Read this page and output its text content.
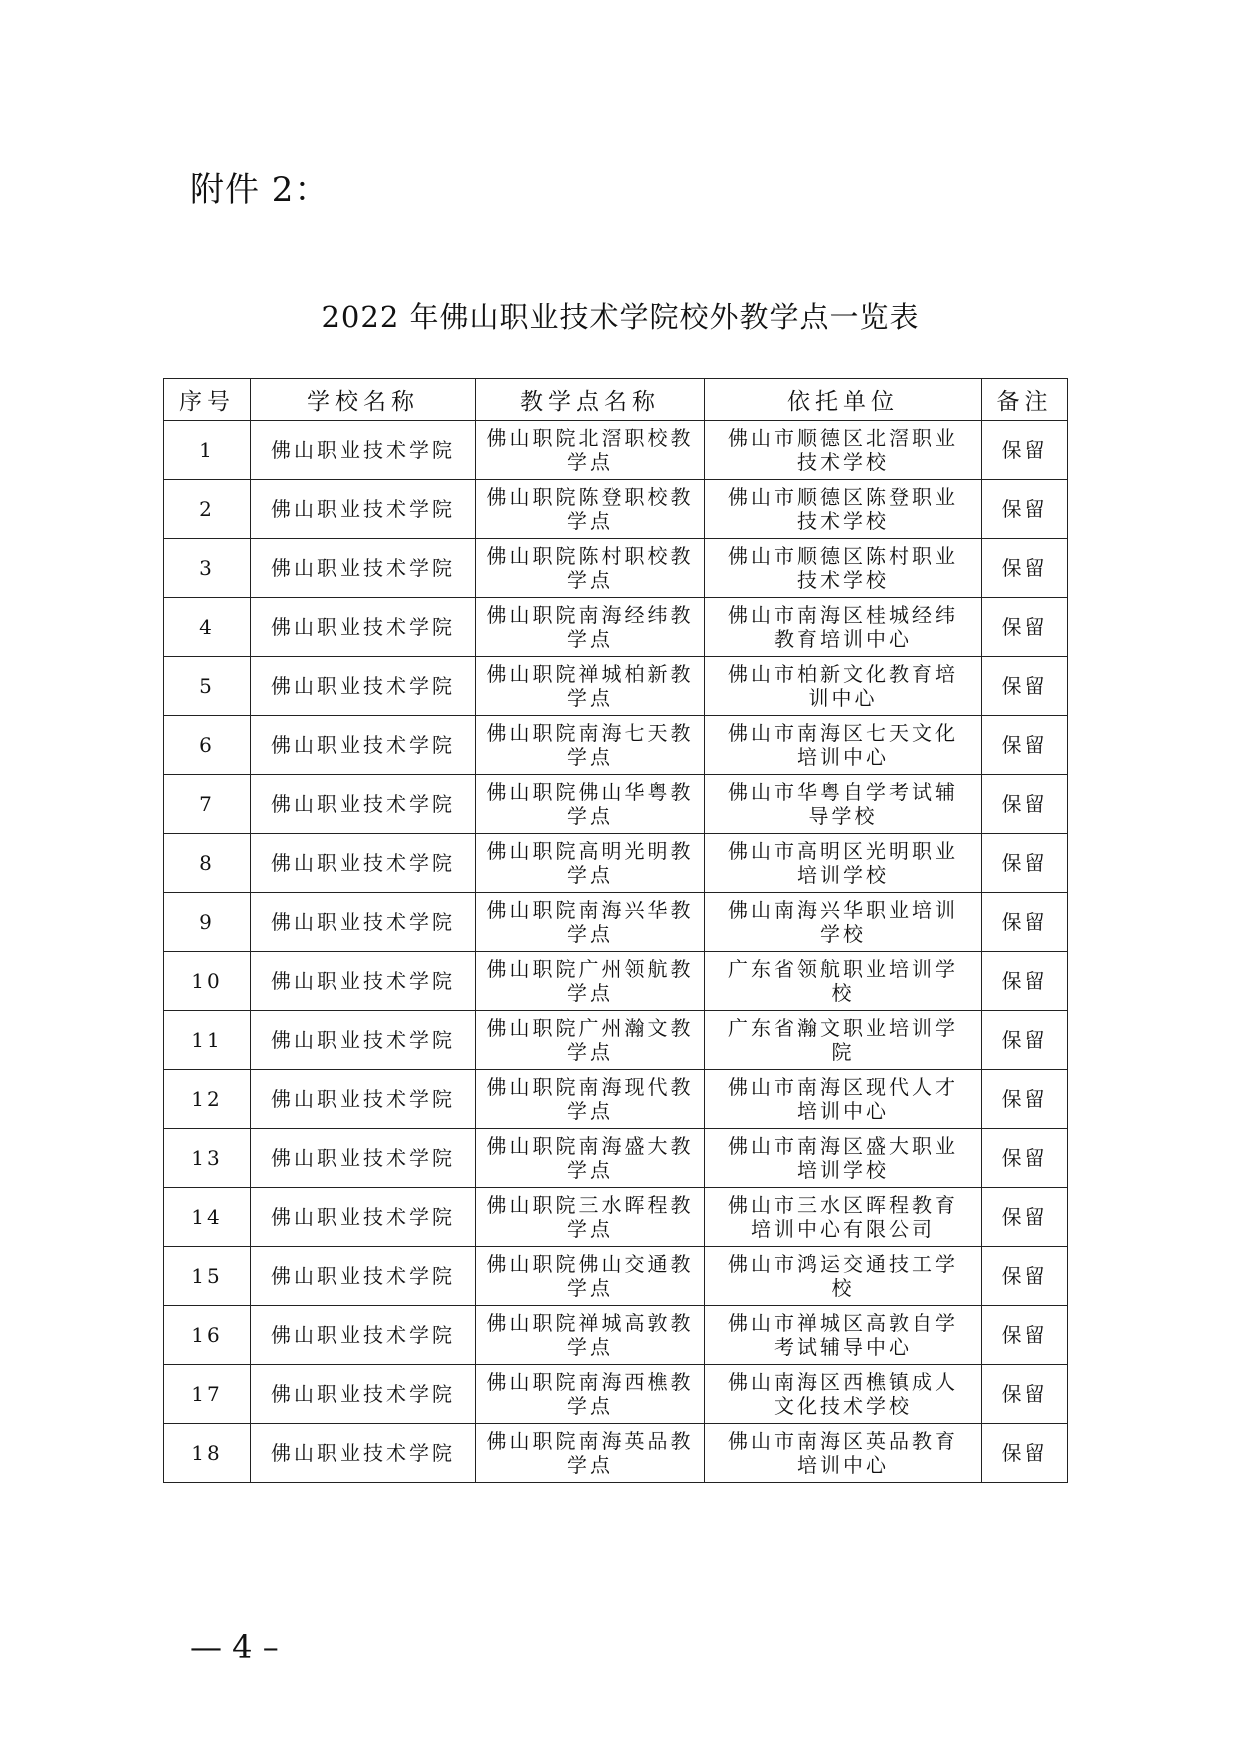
附件 2：
2022 年佛山职业技术学院校外教学点一览表
序号	学校名称	教学点名称	依托单位	备注
1	佛山职业技术学院	佛山职院北滘职校教学点	佛山市顺德区北滘职业技术学校	保留
2	佛山职业技术学院	佛山职院陈登职校教学点	佛山市顺德区陈登职业技术学校	保留
3	佛山职业技术学院	佛山职院陈村职校教学点	佛山市顺德区陈村职业技术学校	保留
4	佛山职业技术学院	佛山职院南海经纬教学点	佛山市南海区桂城经纬教育培训中心	保留
5	佛山职业技术学院	佛山职院禅城柏新教学点	佛山市柏新文化教育培训中心	保留
6	佛山职业技术学院	佛山职院南海七天教学点	佛山市南海区七天文化培训中心	保留
7	佛山职业技术学院	佛山职院佛山华粤教学点	佛山市华粤自学考试辅导学校	保留
8	佛山职业技术学院	佛山职院高明光明教学点	佛山市高明区光明职业培训学校	保留
9	佛山职业技术学院	佛山职院南海兴华教学点	佛山南海兴华职业培训学校	保留
10	佛山职业技术学院	佛山职院广州领航教学点	广东省领航职业培训学校	保留
11	佛山职业技术学院	佛山职院广州瀚文教学点	广东省瀚文职业培训学院	保留
12	佛山职业技术学院	佛山职院南海现代教学点	佛山市南海区现代人才培训中心	保留
13	佛山职业技术学院	佛山职院南海盛大教学点	佛山市南海区盛大职业培训学校	保留
14	佛山职业技术学院	佛山职院三水晖程教学点	佛山市三水区晖程教育培训中心有限公司	保留
15	佛山职业技术学院	佛山职院佛山交通教学点	佛山市鸿运交通技工学校	保留
16	佛山职业技术学院	佛山职院禅城高敦教学点	佛山市禅城区高敦自学考试辅导中心	保留
17	佛山职业技术学院	佛山职院南海西樵教学点	佛山南海区西樵镇成人文化技术学校	保留
18	佛山职业技术学院	佛山职院南海英品教学点	佛山市南海区英品教育培训中心	保留
— 4 –
